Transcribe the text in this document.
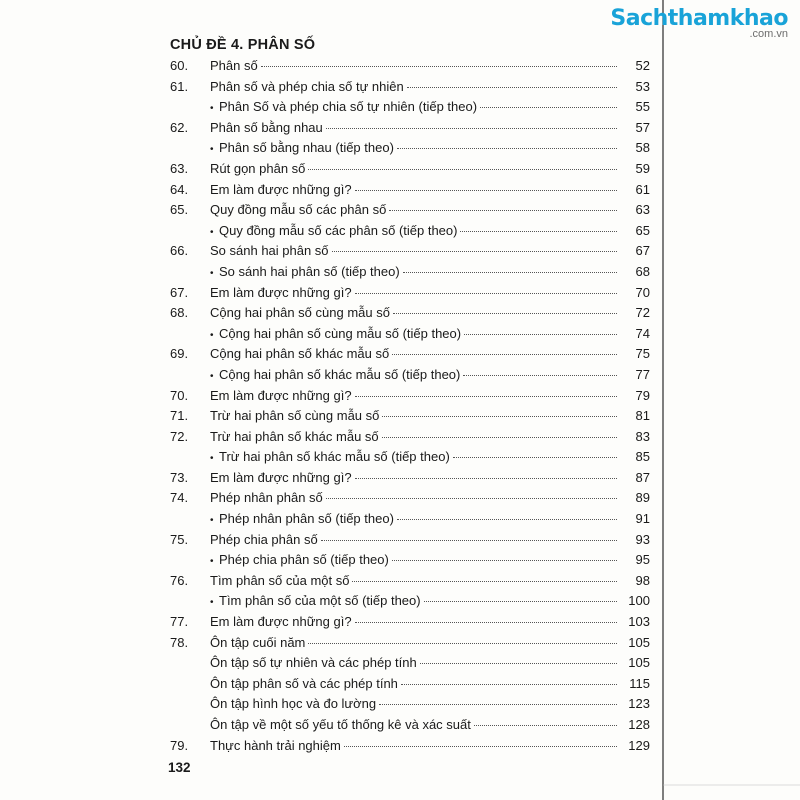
Sachthamkhao
.com.vn
CHỦ ĐỀ 4. PHÂN SỐ
60.	Phân số	52
61.	Phân số và phép chia số tự nhiên	53
• Phân Số và phép chia số tự nhiên (tiếp theo)	55
62.	Phân số bằng nhau	57
• Phân số bằng nhau (tiếp theo)	58
63.	Rút gọn phân số	59
64.	Em làm được những gì?	61
65.	Quy đồng mẫu số các phân số	63
• Quy đồng mẫu số các phân số (tiếp theo)	65
66.	So sánh hai phân số	67
• So sánh hai phân số (tiếp theo)	68
67.	Em làm được những gì?	70
68.	Cộng hai phân số cùng mẫu số	72
• Cộng hai phân số cùng mẫu số (tiếp theo)	74
69.	Cộng hai phân số khác mẫu số	75
• Cộng hai phân số khác mẫu số (tiếp theo)	77
70.	Em làm được những gì?	79
71.	Trừ hai phân số cùng mẫu số	81
72.	Trừ hai phân số khác mẫu số	83
• Trừ hai phân số khác mẫu số (tiếp theo)	85
73.	Em làm được những gì?	87
74.	Phép nhân phân số	89
• Phép nhân phân số (tiếp theo)	91
75.	Phép chia phân số	93
• Phép chia phân số (tiếp theo)	95
76.	Tìm phân số của một số	98
• Tìm phân số của một số (tiếp theo)	100
77.	Em làm được những gì?	103
78.	Ôn tập cuối năm	105
Ôn tập số tự nhiên và các phép tính	105
Ôn tập phân số và các phép tính	115
Ôn tập hình học và đo lường	123
Ôn tập về một số yếu tố thống kê và xác suất	128
79.	Thực hành trải nghiệm	129
132
